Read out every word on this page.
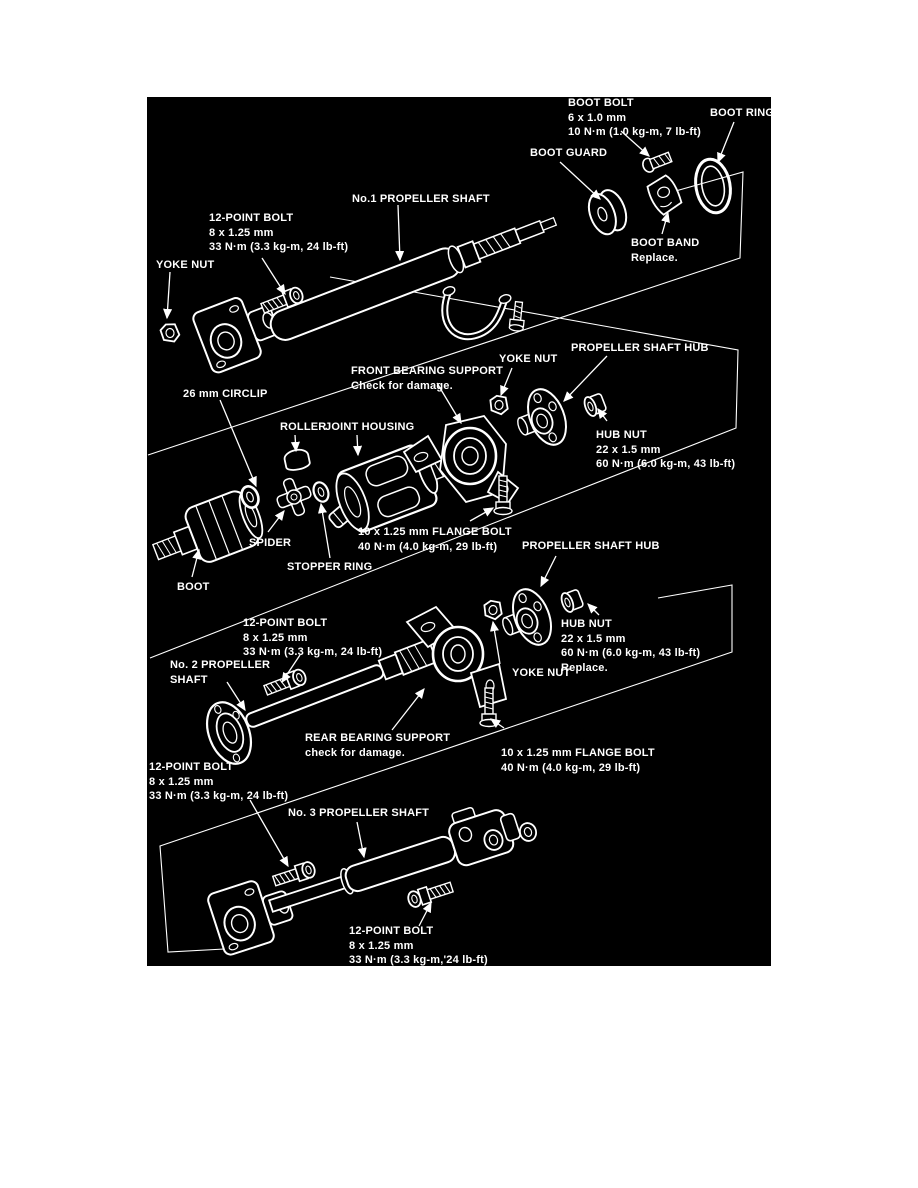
BOOT BOLT
6 x 1.0 mm
10 N·m (1.0 kg-m, 7 lb-ft)
BOOT RING
BOOT GUARD
No.1 PROPELLER SHAFT
12-POINT BOLT
8 x 1.25 mm
33 N·m (3.3 kg-m, 24 lb-ft)
YOKE NUT
BOOT BAND
Replace.
FRONT BEARING SUPPORT
Check for damage.
YOKE NUT
PROPELLER SHAFT HUB
26 mm CIRCLIP
ROLLER
JOINT HOUSING
HUB NUT
22 x 1.5 mm
60 N·m (6.0 kg-m, 43 lb-ft)
SPIDER
STOPPER RING
BOOT
10 x 1.25 mm FLANGE BOLT
40 N·m (4.0 kg-m, 29 lb-ft)	PROPELLER SHAFT HUB
12-POINT BOLT
8 x 1.25 mm
33 N·m (3.3 kg-m, 24 lb-ft)
No. 2 PROPELLER
SHAFT
HUB NUT
22 x 1.5 mm
60 N·m (6.0 kg-m, 43 lb-ft)
Replace.
YOKE NUT
REAR BEARING SUPPORT
check for damage.	10 x 1.25 mm FLANGE BOLT
40 N·m (4.0 kg-m, 29 lb-ft)
12-POINT BOLT
8 x 1.25 mm
33 N·m (3.3 kg-m, 24 lb-ft)
No. 3 PROPELLER SHAFT
12-POINT BOLT
8 x 1.25 mm
33 N·m (3.3 kg-m,'24 lb-ft)
